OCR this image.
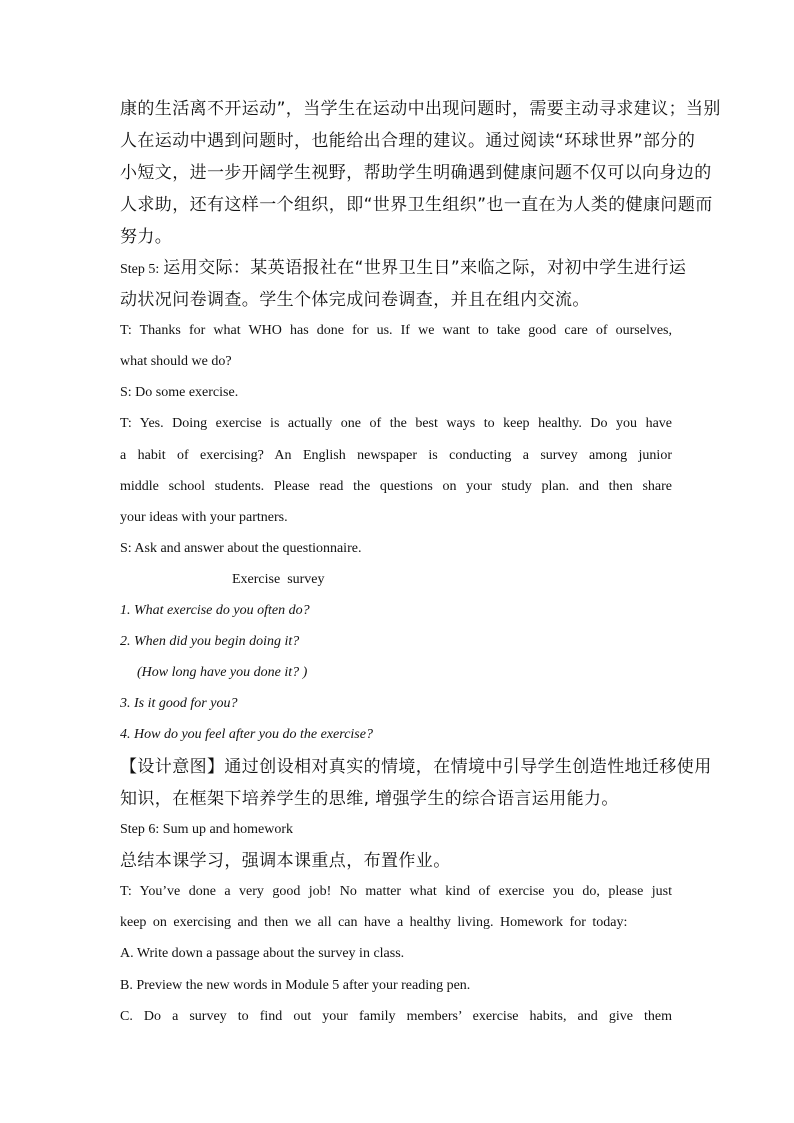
康的生活离不开运动”，当学生在运动中出现问题时，需要主动寻求建议；当别
人在运动中遇到问题时，也能给出合理的建议。通过阅读“环球世界”部分的
小短文，进一步开阔学生视野，帮助学生明确遇到健康问题不仅可以向身边的
人求助，还有这样一个组织，即“世界卫生组织”也一直在为人类的健康问题而
努力。
Step 5: 运用交际：某英语报社在“世界卫生日”来临之际，对初中学生进行运
动状况问卷调查。学生个体完成问卷调查，并且在组内交流。
T: Thanks for what WHO has done for us. If we want to take good care of ourselves,
what should we do?
S: Do some exercise.
T: Yes. Doing exercise is actually one of the best ways to keep healthy. Do you have
a habit of exercising? An English newspaper is conducting a survey among junior
middle school students. Please read the questions on your study plan. and then share
your ideas with your partners.
S: Ask and answer about the questionnaire.
Exercise  survey
1. What exercise do you often do?
2. When did you begin doing it?
(How long have you done it? )
3. Is it good for you?
4. How do you feel after you do the exercise?
【设计意图】通过创设相对真实的情境，在情境中引导学生创造性地迁移使用
知识，在框架下培养学生的思维, 增强学生的综合语言运用能力。
Step 6: Sum up and homework
总结本课学习，强调本课重点，布置作业。
T: You’ve done a very good job! No matter what kind of exercise you do, please just
keep on exercising and then we all can have a healthy living. Homework for today:
A. Write down a passage about the survey in class.
B. Preview the new words in Module 5 after your reading pen.
C. Do a survey to find out your family members’ exercise habits, and give them
